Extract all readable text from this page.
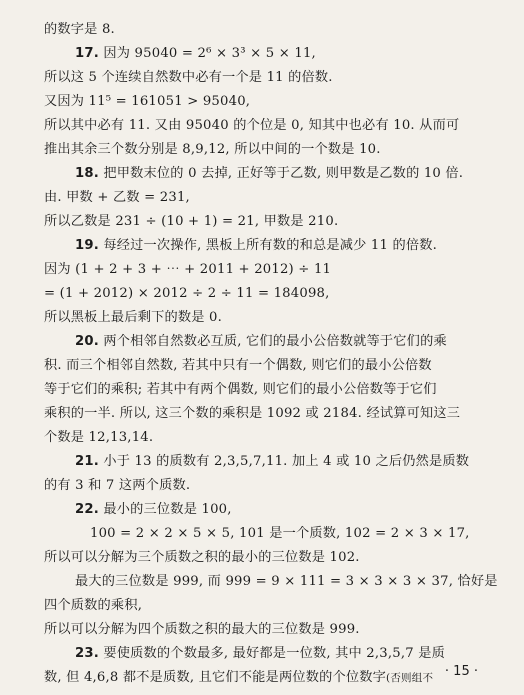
的数字是 8.
17. 因为 95040 = 2⁶ × 3³ × 5 × 11,
所以这 5 个连续自然数中必有一个是 11 的倍数.
又因为 11⁵ = 161051 > 95040,
所以其中必有 11. 又由 95040 的个位是 0, 知其中也必有 10. 从而可
推出其余三个数分别是 8,9,12, 所以中间的一个数是 10.
18. 把甲数末位的 0 去掉, 正好等于乙数, 则甲数是乙数的 10 倍.
由. 甲数 + 乙数 = 231,
所以乙数是 231 ÷ (10 + 1) = 21, 甲数是 210.
19. 每经过一次操作, 黑板上所有数的和总是减少 11 的倍数.
因为 (1 + 2 + 3 + ⋯ + 2011 + 2012) ÷ 11
= (1 + 2012) × 2012 ÷ 2 ÷ 11 = 184098,
所以黑板上最后剩下的数是 0.
20. 两个相邻自然数必互质, 它们的最小公倍数就等于它们的乘
积. 而三个相邻自然数, 若其中只有一个偶数, 则它们的最小公倍数
等于它们的乘积; 若其中有两个偶数, 则它们的最小公倍数等于它们
乘积的一半. 所以, 这三个数的乘积是 1092 或 2184. 经试算可知这三
个数是 12,13,14.
21. 小于 13 的质数有 2,3,5,7,11. 加上 4 或 10 之后仍然是质数
的有 3 和 7 这两个质数.
22. 最小的三位数是 100,
100 = 2 × 2 × 5 × 5, 101 是一个质数, 102 = 2 × 3 × 17,
所以可以分解为三个质数之积的最小的三位数是 102.
最大的三位数是 999, 而 999 = 9 × 111 = 3 × 3 × 3 × 37, 恰好是
四个质数的乘积,
所以可以分解为四个质数之积的最大的三位数是 999.
23. 要使质数的个数最多, 最好都是一位数, 其中 2,3,5,7 是质
数, 但 4,6,8 都不是质数, 且它们不能是两位数的个位数字(否则组不 · 15 ·
